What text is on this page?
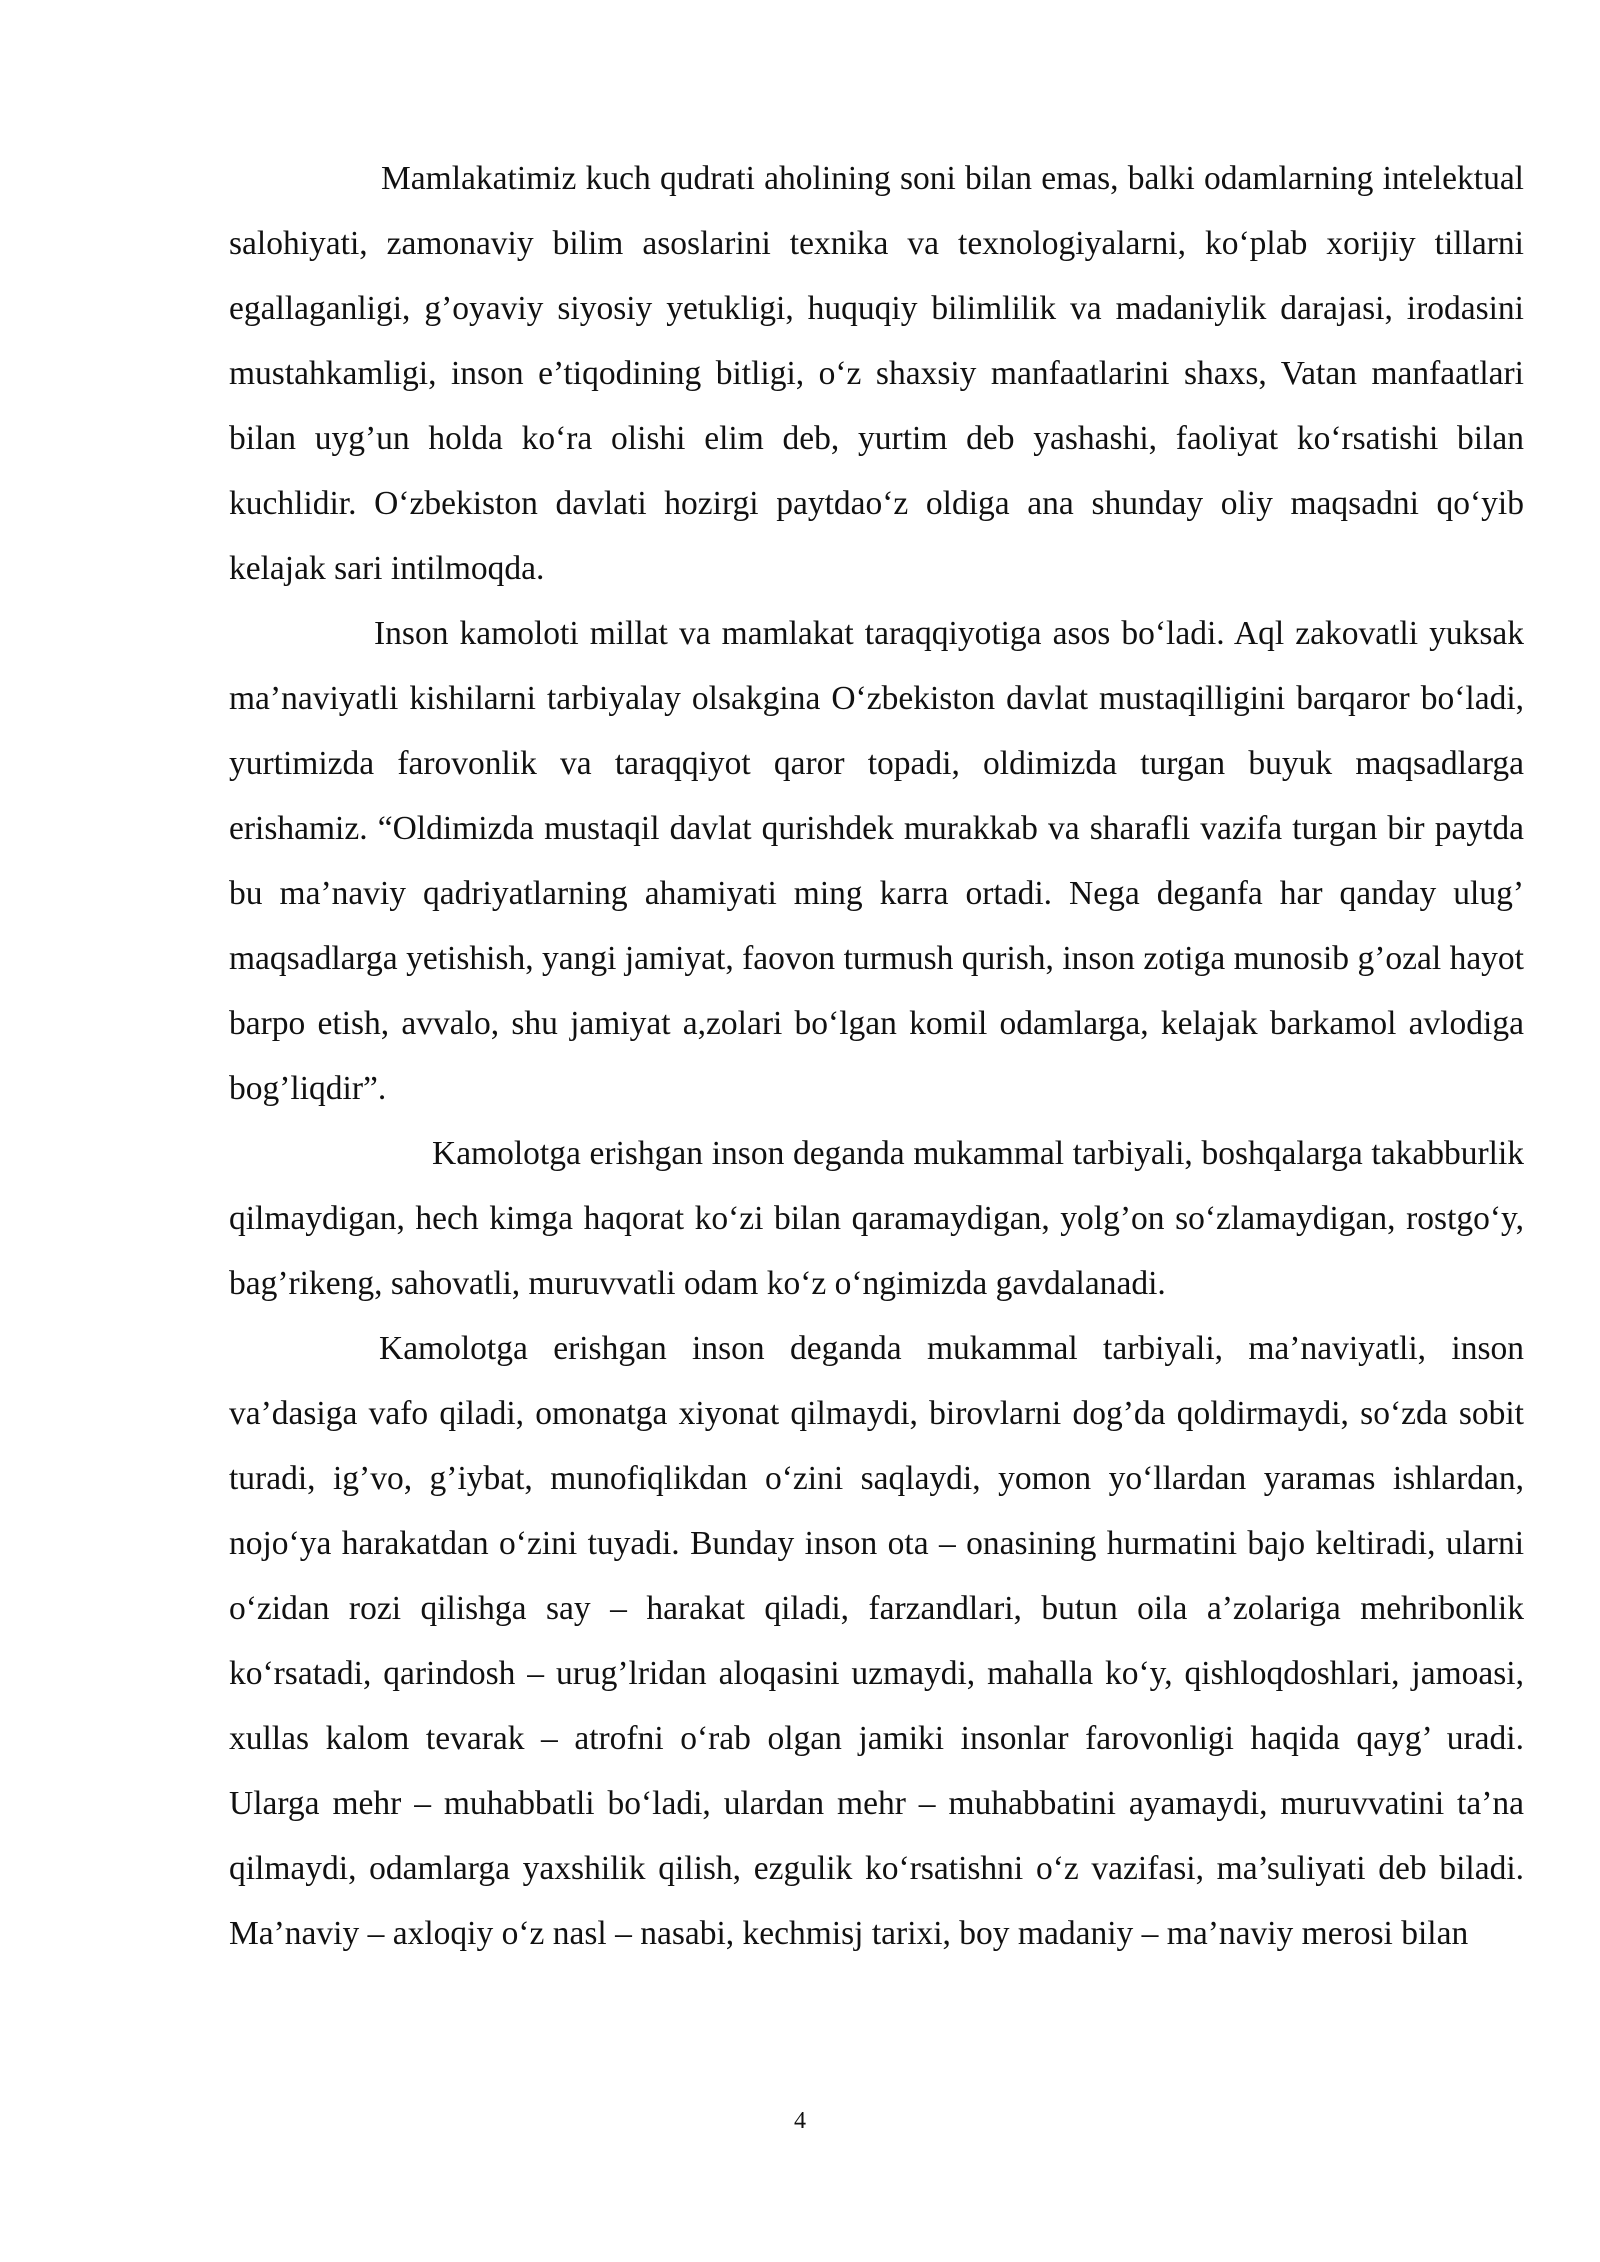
Mamlakatimiz kuch qudrati aholining soni bilan emas, balki odamlarning intelektual salohiyati, zamonaviy bilim asoslarini texnika va texnologiyalarni, ko‘plab xorijiy tillarni egallaganligi, g’oyaviy siyosiy yetukligi, huquqiy bilimlilik va madaniylik darajasi, irodasini mustahkamligi, inson e’tiqodining bitligi, o‘z shaxsiy manfaatlarini shaxs, Vatan manfaatlari bilan uyg’un holda ko‘ra olishi elim deb, yurtim deb yashashi, faoliyat ko‘rsatishi bilan kuchlidir. O‘zbekiston davlati hozirgi paytdao‘z oldiga ana shunday oliy maqsadni qo‘yib kelajak sari intilmoqda.

Inson kamoloti millat va mamlakat taraqqiyotiga asos bo‘ladi. Aql zakovatli yuksak ma’naviyatli kishilarni tarbiyalay olsakgina O‘zbekiston davlat mustaqilligini barqaror bo‘ladi, yurtimizda farovonlik va taraqqiyot qaror topadi, oldimizda turgan buyuk maqsadlarga erishamiz. “Oldimizda mustaqil davlat qurishdek murakkab va sharafli vazifa turgan bir paytda bu ma’naviy qadriyatlarning ahamiyati ming karra ortadi. Nega deganfa har qanday ulug’ maqsadlarga yetishish, yangi jamiyat, faovon turmush qurish, inson zotiga munosib g’ozal hayot barpo etish, avvalo, shu jamiyat a,zolari bo‘lgan komil odamlarga, kelajak barkamol avlodiga bog’liqdir”.

Kamolotga erishgan inson deganda mukammal tarbiyali, boshqalarga takabburlik qilmaydigan, hech kimga haqorat ko‘zi bilan qaramaydigan, yolg’on so‘zlamaydigan, rostgo‘y, bag’rikeng, sahovatli, muruvvatli odam ko‘z o‘ngimizda gavdalanadi.

Kamolotga erishgan inson deganda mukammal tarbiyali, ma’naviyatli, inson va’dasiga vafo qiladi, omonatga xiyonat qilmaydi, birovlarni dog’da qoldirmaydi, so‘zda sobit turadi, ig’vo, g’iybat, munofiqlikdan o‘zini saqlaydi, yomon yo‘llardan yaramas ishlardan, nojo‘ya harakatdan o‘zini tuyadi. Bunday inson ota – onasining hurmatini bajo keltiradi, ularni o‘zidan rozi qilishga say – harakat qiladi, farzandlari, butun oila a’zolariga mehribonlik ko‘rsatadi, qarindosh – urug’lridan aloqasini uzmaydi, mahalla ko‘y, qishloqdoshlari, jamoasi, xullas kalom tevarak – atrofni o‘rab olgan jamiki insonlar farovonligi haqida qayg’ uradi. Ularga mehr – muhabbatli bo‘ladi, ulardan mehr – muhabbatini ayamaydi, muruvvatini ta’na qilmaydi, odamlarga yaxshilik qilish, ezgulik ko‘rsatishni o‘z vazifasi, ma’suliyati deb biladi. Ma’naviy – axloqiy o‘z nasl – nasabi, kechmisj tarixi, boy madaniy – ma’naviy merosi bilan

4
